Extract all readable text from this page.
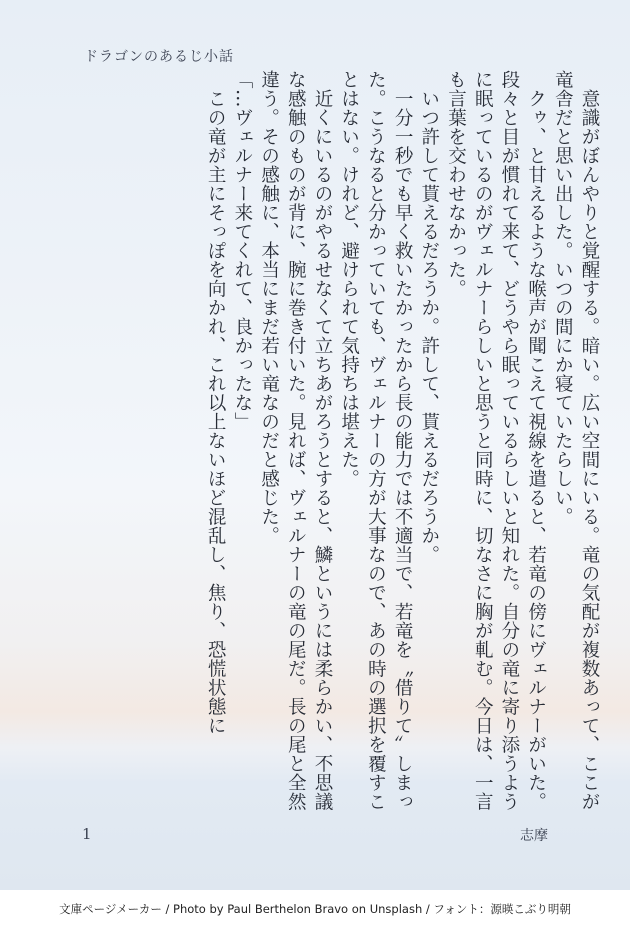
ドラゴンのあるじ小話

　意識がぼんやりと覚醒する。暗い。広い空間にいる。竜の気配が複数あって、ここが竜舎だと思い出した。いつの間にか寝ていたらしい。

　クゥ、と甘えるような喉声が聞こえて視線を遣ると、若竜の傍にヴェルナーがいた。段々と目が慣れて来て、どうやら眠っているらしいと知れた。自分の竜に寄り添うように眠っているのがヴェルナーらしいと思うと同時に、切なさに胸が軋む。今日は、一言も言葉を交わせなかった。

　いつ許して貰えるだろうか。許して、貰えるだろうか。

　一分一秒でも早く救いたかったから長の能力では不適当で、若竜を〝借りて〟しまった。こうなると分かっていても、ヴェルナーの方が大事なので、あの時の選択を覆すことはない。けれど、避けられて気持ちは堪えた。

　近くにいるのがやるせなくて立ちあがろうとすると、鱗というには柔らかい、不思議な感触のものが背に、腕に巻き付いた。見れば、ヴェルナーの竜の尾だ。長の尾と全然違う。その感触に、本当にまだ若い竜なのだと感じた。

「…ヴェルナー来てくれて、良かったな」

　この竜が主にそっぽを向かれ、これ以上ないほど混乱し、焦り、恐慌状態に

1	志摩
文庫ページメーカー / Photo by Paul Berthelon Bravo on Unsplash / フォント：源暎こぶり明朝
